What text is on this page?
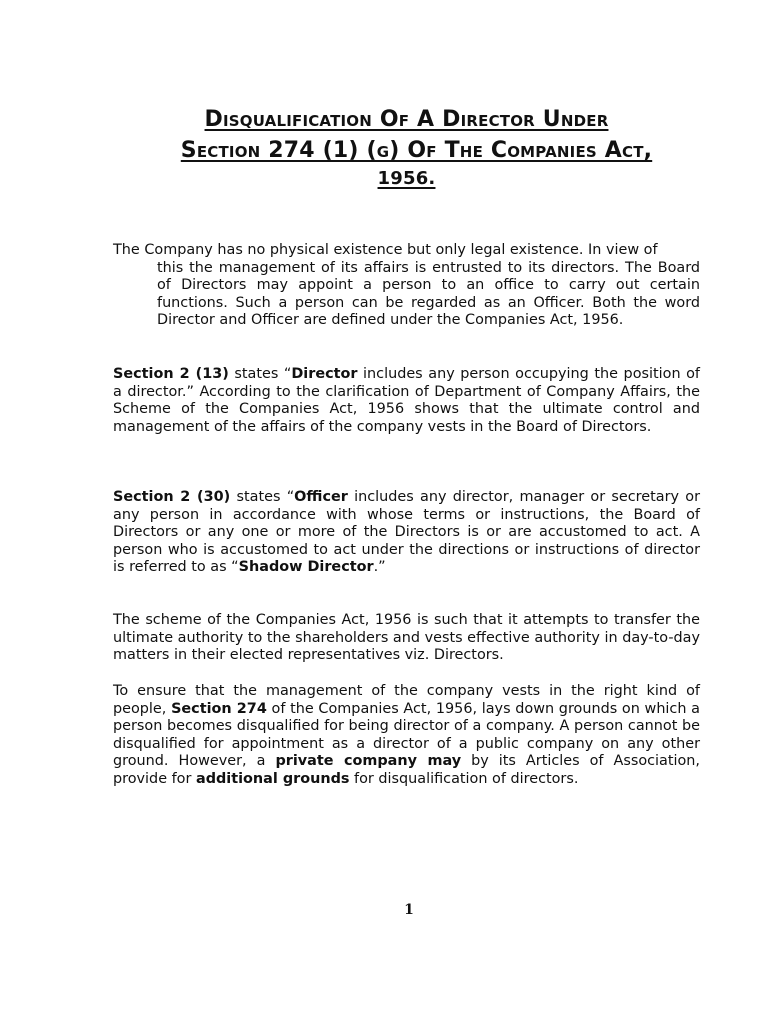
Disqualification Of A Director Under
Section 274 (1) (g) Of The Companies Act,
1956.

The Company has no physical existence but only legal existence. In view of
this the management of its affairs is entrusted to its directors. The Board of Directors may appoint a person to an office to carry out certain functions. Such a person can be regarded as an Officer. Both the word Director and Officer are defined under the Companies Act, 1956.

Section 2 (13) states “Director includes any person occupying the position of a director.” According to the clarification of Department of Company Affairs, the Scheme of the Companies Act, 1956 shows that the ultimate control and management of the affairs of the company vests in the Board of Directors.

Section 2 (30) states “Officer includes any director, manager or secretary or any person in accordance with whose terms or instructions, the Board of Directors or any one or more of the Directors is or are accustomed to act. A person who is accustomed to act under the directions or instructions of director is referred to as “Shadow Director.”

The scheme of the Companies Act, 1956 is such that it attempts to transfer the ultimate authority to the shareholders and vests effective authority in day-to-day matters in their elected representatives viz. Directors.

To ensure that the management of the company vests in the right kind of people, Section 274 of the Companies Act, 1956, lays down grounds on which a person becomes disqualified for being director of a company. A person cannot be disqualified for appointment as a director of a public company on any other ground. However, a private company may by its Articles of Association, provide for additional grounds for disqualification of directors.

1
